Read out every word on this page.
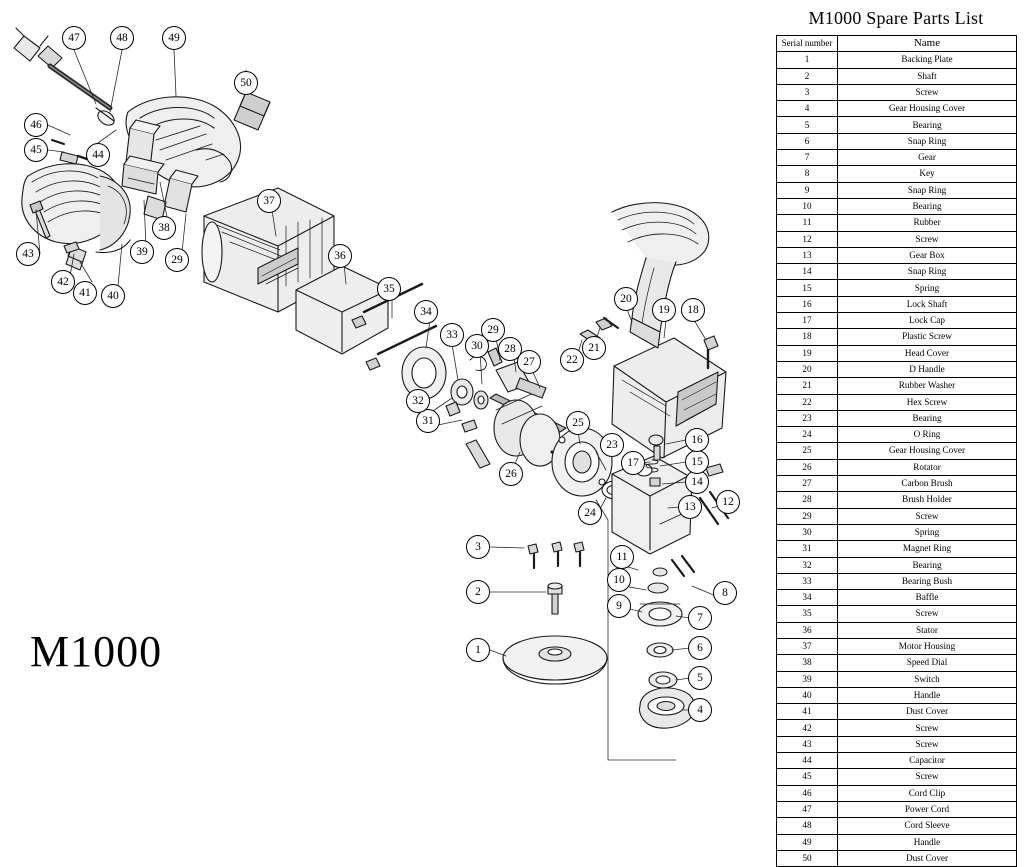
1
2
3
4
5
6
7
8
9
10
11
12
13
14
15
16
17
18
19
20
21
22
23
24
25
26
27
28
29
30
31
32
33
34
35
36
37
38
39
29
40
41
42
43
44
45
46
47	48	49
50
M1000
M1000 Spare Parts List
Serial number	Name
1	Backing Plate
2	Shaft
3	Screw
4	Gear Housing Cover
5	Bearing
6	Snap Ring
7	Gear
8	Key
9	Snap Ring
10	Bearing
11	Rubber
12	Screw
13	Gear Box
14	Snap Ring
15	Spring
16	Lock Shaft
17	Lock Cap
18	Plastic Screw
19	Head Cover
20	D Handle
21	Rubber Washer
22	Hex Screw
23	Bearing
24	O Ring
25	Gear Housing Cover
26	Rotator
27	Carbon Brush
28	Brush Holder
29	Screw
30	Spring
31	Magnet Ring
32	Bearing
33	Bearing Bush
34	Baffle
35	Screw
36	Stator
37	Motor Housing
38	Speed Dial
39	Switch
40	Handle
41	Dust Cover
42	Screw
43	Screw
44	Capacitor
45	Screw
46	Cord Clip
47	Power Cord
48	Cord Sleeve
49	Handle
50	Dust Cover
